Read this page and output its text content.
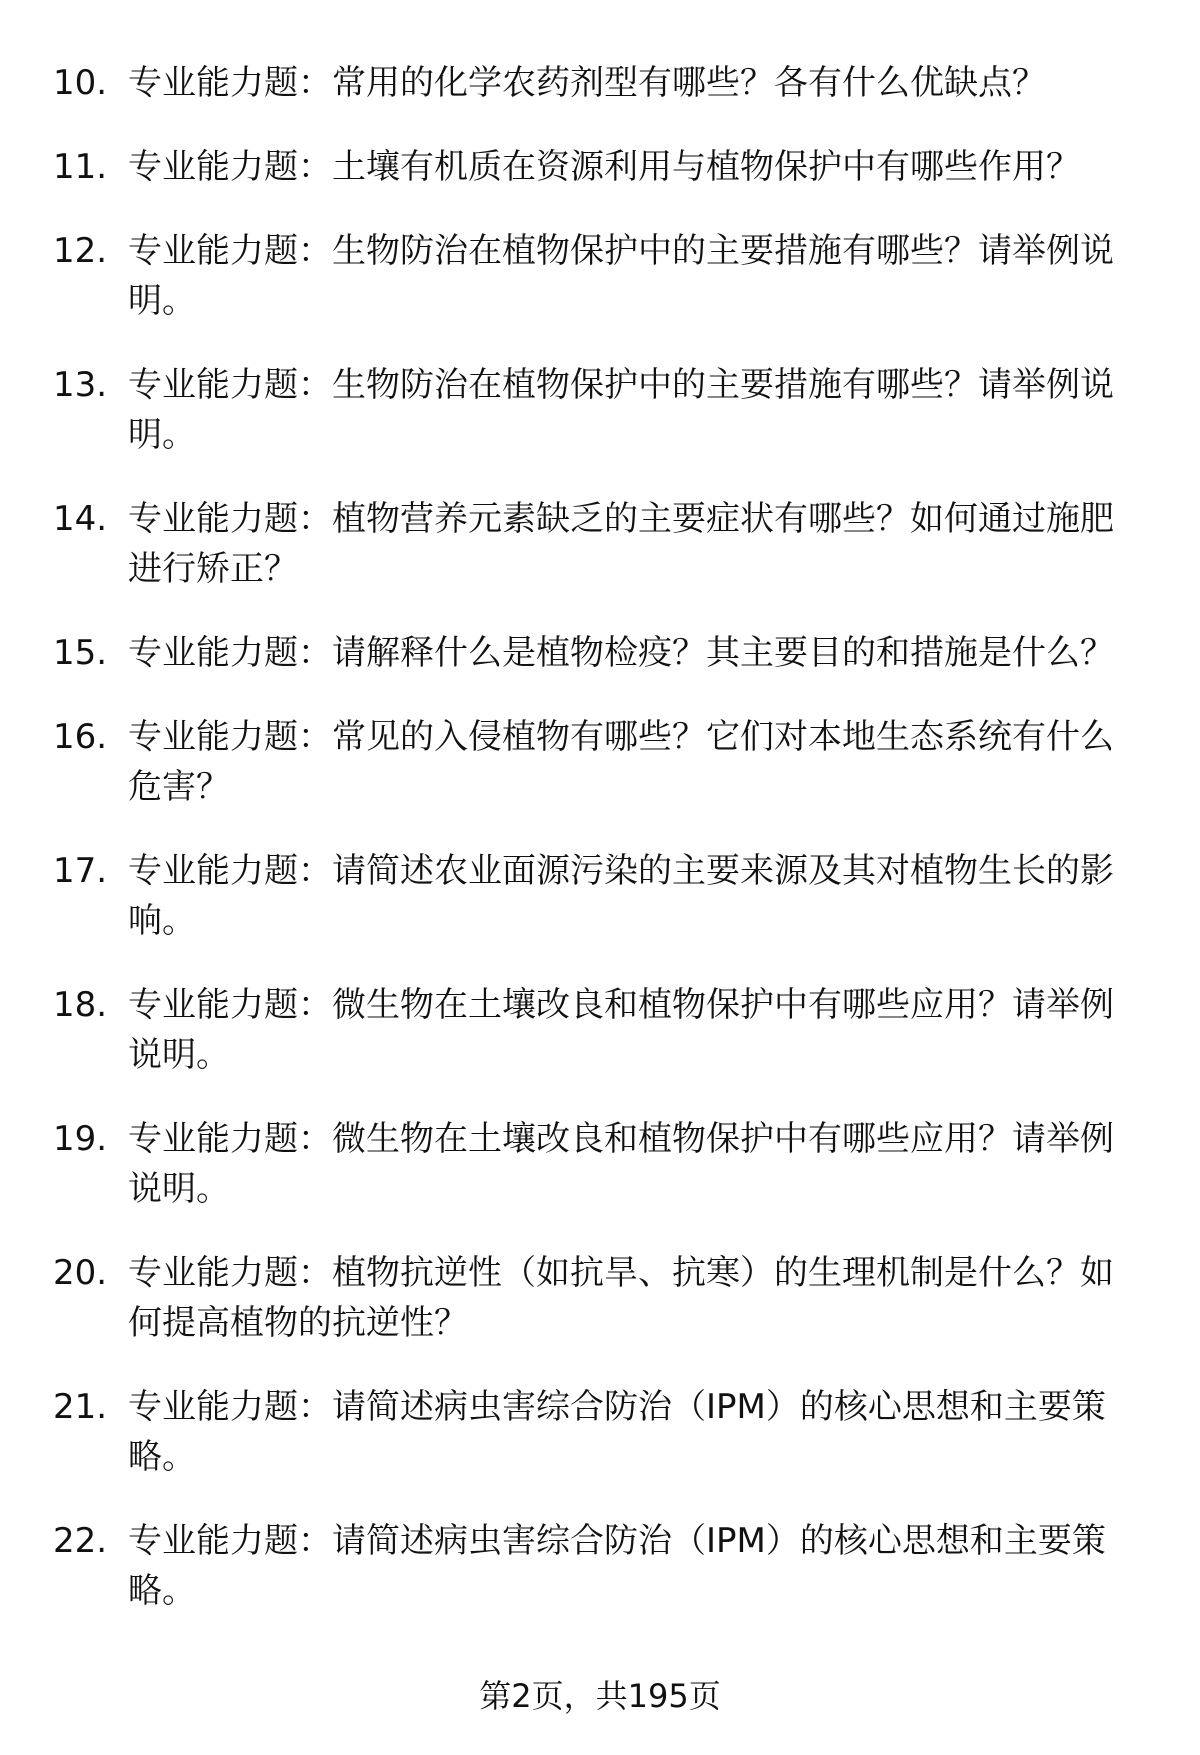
10. 专业能力题：常用的化学农药剂型有哪些？各有什么优缺点？
11. 专业能力题：土壤有机质在资源利用与植物保护中有哪些作用？
12. 专业能力题：生物防治在植物保护中的主要措施有哪些？请举例说明。
13. 专业能力题：生物防治在植物保护中的主要措施有哪些？请举例说明。
14. 专业能力题：植物营养元素缺乏的主要症状有哪些？如何通过施肥进行矫正？
15. 专业能力题：请解释什么是植物检疫？其主要目的和措施是什么？
16. 专业能力题：常见的入侵植物有哪些？它们对本地生态系统有什么危害？
17. 专业能力题：请简述农业面源污染的主要来源及其对植物生长的影响。
18. 专业能力题：微生物在土壤改良和植物保护中有哪些应用？请举例说明。
19. 专业能力题：微生物在土壤改良和植物保护中有哪些应用？请举例说明。
20. 专业能力题：植物抗逆性（如抗旱、抗寒）的生理机制是什么？如何提高植物的抗逆性？
21. 专业能力题：请简述病虫害综合防治（IPM）的核心思想和主要策略。
22. 专业能力题：请简述病虫害综合防治（IPM）的核心思想和主要策略。
第2页，共195页
